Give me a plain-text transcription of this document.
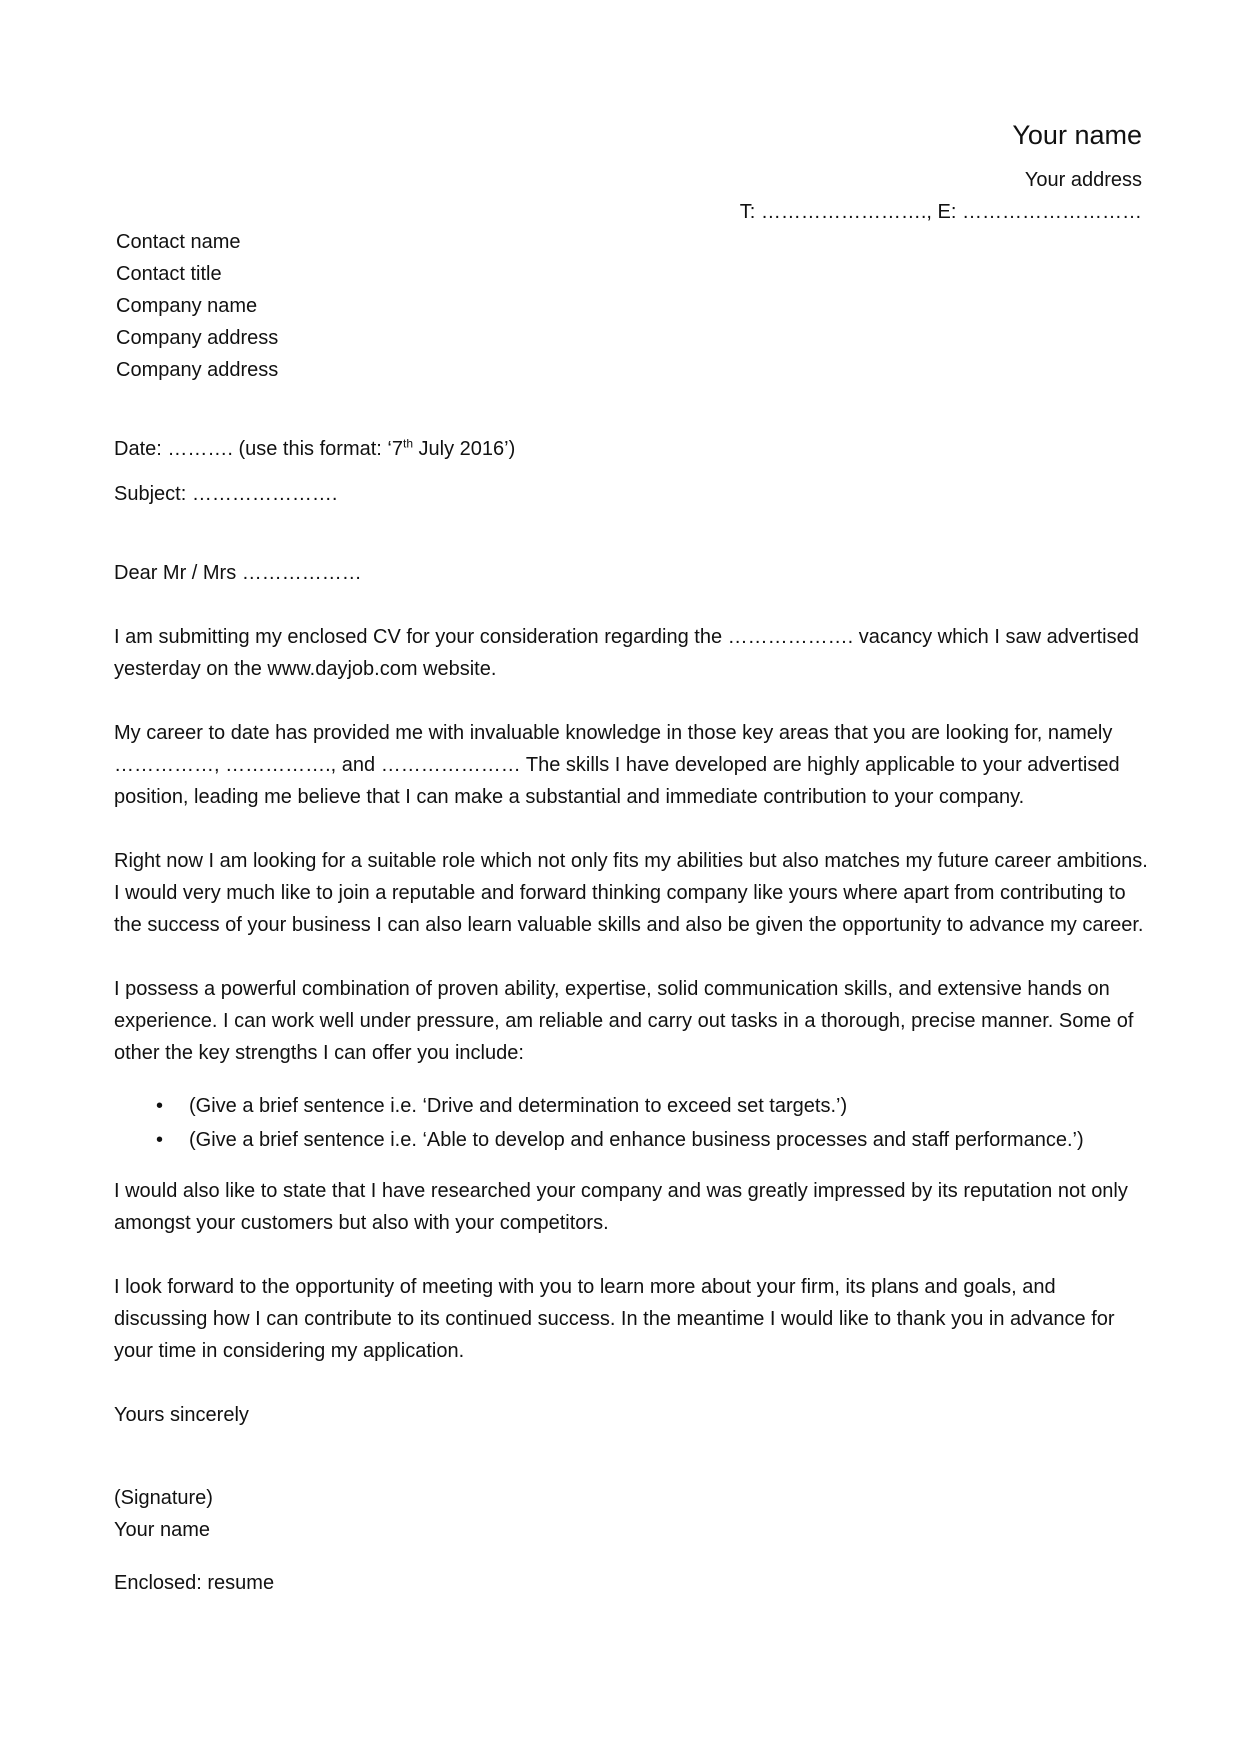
Your name
Your address
T: ……………………., E: ………………………
Contact name
Contact title
Company name
Company address
Company address
Date: ………. (use this format: ‘7th July 2016’)
Subject: ………………….
Dear Mr / Mrs ………………

I am submitting my enclosed CV for your consideration regarding the ………………. vacancy which I saw advertised yesterday on the www.dayjob.com website.

My career to date has provided me with invaluable knowledge in those key areas that you are looking for, namely ……………, ……………., and ………………… The skills I have developed are highly applicable to your advertised position, leading me believe that I can make a substantial and immediate contribution to your company.

Right now I am looking for a suitable role which not only fits my abilities but also matches my future career ambitions. I would very much like to join a reputable and forward thinking company like yours where apart from contributing to the success of your business I can also learn valuable skills and also be given the opportunity to advance my career.

I possess a powerful combination of proven ability, expertise, solid communication skills, and extensive hands on experience. I can work well under pressure, am reliable and carry out tasks in a thorough, precise manner. Some of other the key strengths I can offer you include:

• (Give a brief sentence i.e. ‘Drive and determination to exceed set targets.’)
• (Give a brief sentence i.e. ‘Able to develop and enhance business processes and staff performance.’)

I would also like to state that I have researched your company and was greatly impressed by its reputation not only amongst your customers but also with your competitors.

I look forward to the opportunity of meeting with you to learn more about your firm, its plans and goals, and discussing how I can contribute to its continued success. In the meantime I would like to thank you in advance for your time in considering my application.

Yours sincerely
(Signature)
Your name
Enclosed: resume
